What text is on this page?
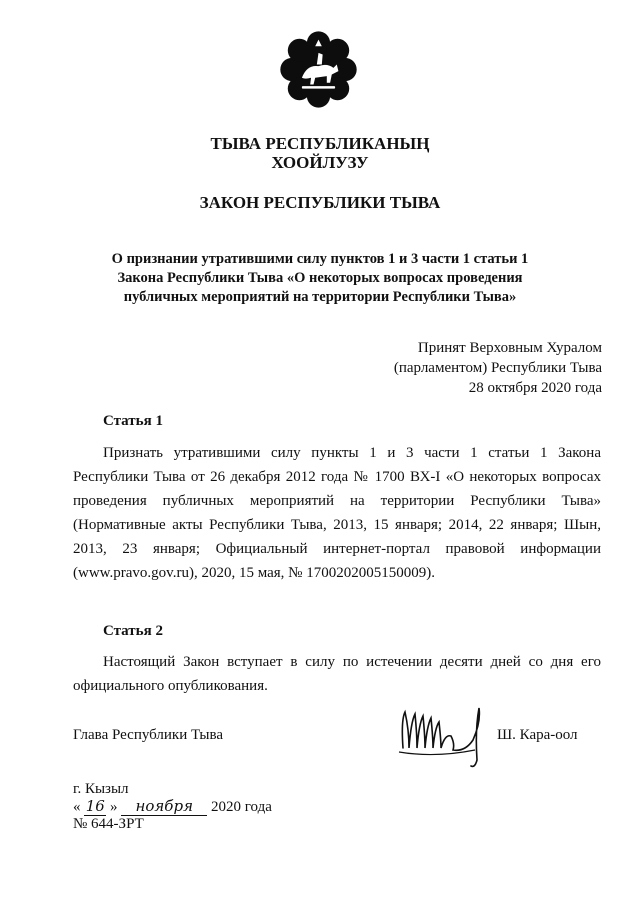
ТЫВА РЕСПУБЛИКАНЫҢ
ХООЙЛУЗУ
ЗАКОН РЕСПУБЛИКИ ТЫВА
О признании утратившими силу пунктов 1 и 3 части 1 статьи 1
Закона Республики Тыва «О некоторых вопросах проведения
публичных мероприятий на территории Республики Тыва»
Принят Верховным Хуралом
(парламентом) Республики Тыва
28 октября 2020 года
Статья 1
Признать утратившими силу пункты 1 и 3 части 1 статьи 1 Закона Республики Тыва от 26 декабря 2012 года № 1700 ВХ-I «О некоторых вопросах проведения публичных мероприятий на территории Республики Тыва» (Нормативные акты Республики Тыва, 2013, 15 января; 2014, 22 января; Шын, 2013, 23 января; Официальный интернет-портал правовой информации (www.pravo.gov.ru), 2020, 15 мая, № 1700202005150009).
Статья 2
Настоящий Закон вступает в силу по истечении десяти дней со дня его официального опубликования.
Глава Республики Тыва	Ш. Кара-оол
г. Кызыл
« 16 » ноября 2020 года
№ 644-ЗРТ
